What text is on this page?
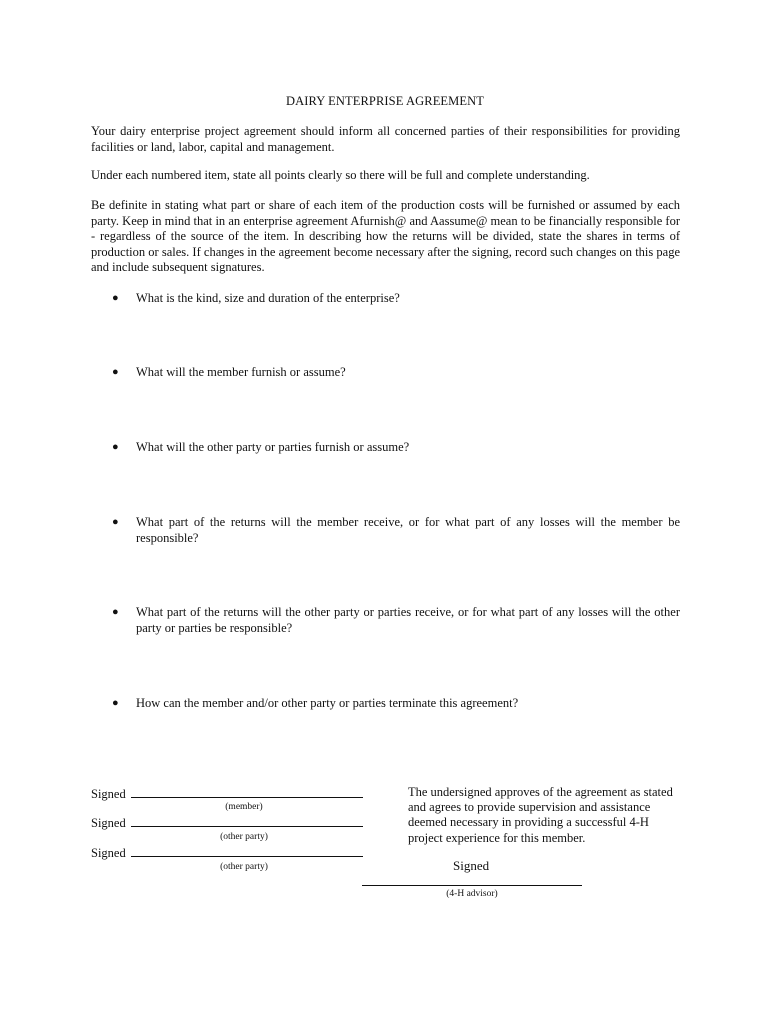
DAIRY ENTERPRISE AGREEMENT
Your dairy enterprise project agreement should inform all concerned parties of their responsibilities for providing facilities or land, labor, capital and management.
Under each numbered item, state all points clearly so there will be full and complete understanding.
Be definite in stating what part or share of each item of the production costs will be furnished or assumed by each party. Keep in mind that in an enterprise agreement Afurnish@ and Aassume@ mean to be financially responsible for - regardless of the source of the item. In describing how the returns will be divided, state the shares in terms of production or sales. If changes in the agreement become necessary after the signing, record such changes on this page and include subsequent signatures.
● What is the kind, size and duration of the enterprise?
● What will the member furnish or assume?
● What will the other party or parties furnish or assume?
● What part of the returns will the member receive, or for what part of any losses will the member be responsible?
● What part of the returns will the other party or parties receive, or for what part of any losses will the other party or parties be responsible?
● How can the member and/or other party or parties terminate this agreement?
Signed
(member)
Signed
(other party)
Signed
(other party)
The undersigned approves of the agreement as stated and agrees to provide supervision and assistance deemed necessary in providing a successful 4-H project experience for this member.
Signed
(4-H advisor)
